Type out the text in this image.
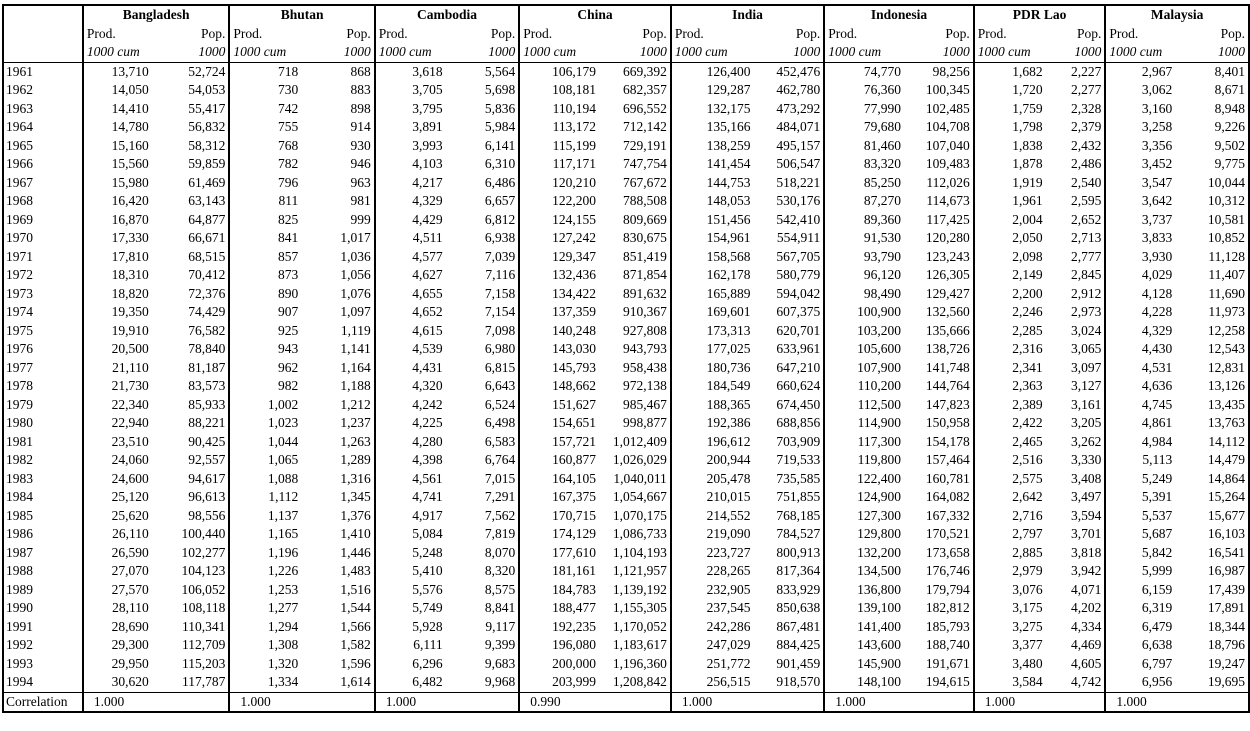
	Bangladesh		Bhutan		Cambodia		China		India		Indonesia		PDR Lao		Malaysia	
	Prod.	Pop.	Prod.	Pop.	Prod.	Pop.	Prod.	Pop.	Prod.	Pop.	Prod.	Pop.	Prod.	Pop.	Prod.	Pop.
	1000 cum	1000	1000 cum	1000	1000 cum	1000	1000 cum	1000	1000 cum	1000	1000 cum	1000	1000 cum	1000	1000 cum	1000
1961	13,710	52,724	718	868	3,618	5,564	106,179	669,392	126,400	452,476	74,770	98,256	1,682	2,227	2,967	8,401
1962	14,050	54,053	730	883	3,705	5,698	108,181	682,357	129,287	462,780	76,360	100,345	1,720	2,277	3,062	8,671
1963	14,410	55,417	742	898	3,795	5,836	110,194	696,552	132,175	473,292	77,990	102,485	1,759	2,328	3,160	8,948
1964	14,780	56,832	755	914	3,891	5,984	113,172	712,142	135,166	484,071	79,680	104,708	1,798	2,379	3,258	9,226
1965	15,160	58,312	768	930	3,993	6,141	115,199	729,191	138,259	495,157	81,460	107,040	1,838	2,432	3,356	9,502
1966	15,560	59,859	782	946	4,103	6,310	117,171	747,754	141,454	506,547	83,320	109,483	1,878	2,486	3,452	9,775
1967	15,980	61,469	796	963	4,217	6,486	120,210	767,672	144,753	518,221	85,250	112,026	1,919	2,540	3,547	10,044
1968	16,420	63,143	811	981	4,329	6,657	122,200	788,508	148,053	530,176	87,270	114,673	1,961	2,595	3,642	10,312
1969	16,870	64,877	825	999	4,429	6,812	124,155	809,669	151,456	542,410	89,360	117,425	2,004	2,652	3,737	10,581
1970	17,330	66,671	841	1,017	4,511	6,938	127,242	830,675	154,961	554,911	91,530	120,280	2,050	2,713	3,833	10,852
1971	17,810	68,515	857	1,036	4,577	7,039	129,347	851,419	158,568	567,705	93,790	123,243	2,098	2,777	3,930	11,128
1972	18,310	70,412	873	1,056	4,627	7,116	132,436	871,854	162,178	580,779	96,120	126,305	2,149	2,845	4,029	11,407
1973	18,820	72,376	890	1,076	4,655	7,158	134,422	891,632	165,889	594,042	98,490	129,427	2,200	2,912	4,128	11,690
1974	19,350	74,429	907	1,097	4,652	7,154	137,359	910,367	169,601	607,375	100,900	132,560	2,246	2,973	4,228	11,973
1975	19,910	76,582	925	1,119	4,615	7,098	140,248	927,808	173,313	620,701	103,200	135,666	2,285	3,024	4,329	12,258
1976	20,500	78,840	943	1,141	4,539	6,980	143,030	943,793	177,025	633,961	105,600	138,726	2,316	3,065	4,430	12,543
1977	21,110	81,187	962	1,164	4,431	6,815	145,793	958,438	180,736	647,210	107,900	141,748	2,341	3,097	4,531	12,831
1978	21,730	83,573	982	1,188	4,320	6,643	148,662	972,138	184,549	660,624	110,200	144,764	2,363	3,127	4,636	13,126
1979	22,340	85,933	1,002	1,212	4,242	6,524	151,627	985,467	188,365	674,450	112,500	147,823	2,389	3,161	4,745	13,435
1980	22,940	88,221	1,023	1,237	4,225	6,498	154,651	998,877	192,386	688,856	114,900	150,958	2,422	3,205	4,861	13,763
1981	23,510	90,425	1,044	1,263	4,280	6,583	157,721	1,012,409	196,612	703,909	117,300	154,178	2,465	3,262	4,984	14,112
1982	24,060	92,557	1,065	1,289	4,398	6,764	160,877	1,026,029	200,944	719,533	119,800	157,464	2,516	3,330	5,113	14,479
1983	24,600	94,617	1,088	1,316	4,561	7,015	164,105	1,040,011	205,478	735,585	122,400	160,781	2,575	3,408	5,249	14,864
1984	25,120	96,613	1,112	1,345	4,741	7,291	167,375	1,054,667	210,015	751,855	124,900	164,082	2,642	3,497	5,391	15,264
1985	25,620	98,556	1,137	1,376	4,917	7,562	170,715	1,070,175	214,552	768,185	127,300	167,332	2,716	3,594	5,537	15,677
1986	26,110	100,440	1,165	1,410	5,084	7,819	174,129	1,086,733	219,090	784,527	129,800	170,521	2,797	3,701	5,687	16,103
1987	26,590	102,277	1,196	1,446	5,248	8,070	177,610	1,104,193	223,727	800,913	132,200	173,658	2,885	3,818	5,842	16,541
1988	27,070	104,123	1,226	1,483	5,410	8,320	181,161	1,121,957	228,265	817,364	134,500	176,746	2,979	3,942	5,999	16,987
1989	27,570	106,052	1,253	1,516	5,576	8,575	184,783	1,139,192	232,905	833,929	136,800	179,794	3,076	4,071	6,159	17,439
1990	28,110	108,118	1,277	1,544	5,749	8,841	188,477	1,155,305	237,545	850,638	139,100	182,812	3,175	4,202	6,319	17,891
1991	28,690	110,341	1,294	1,566	5,928	9,117	192,235	1,170,052	242,286	867,481	141,400	185,793	3,275	4,334	6,479	18,344
1992	29,300	112,709	1,308	1,582	6,111	9,399	196,080	1,183,617	247,029	884,425	143,600	188,740	3,377	4,469	6,638	18,796
1993	29,950	115,203	1,320	1,596	6,296	9,683	200,000	1,196,360	251,772	901,459	145,900	191,671	3,480	4,605	6,797	19,247
1994	30,620	117,787	1,334	1,614	6,482	9,968	203,999	1,208,842	256,515	918,570	148,100	194,615	3,584	4,742	6,956	19,695
Correlation	1.000		1.000		1.000		0.990		1.000		1.000		1.000		1.000	
